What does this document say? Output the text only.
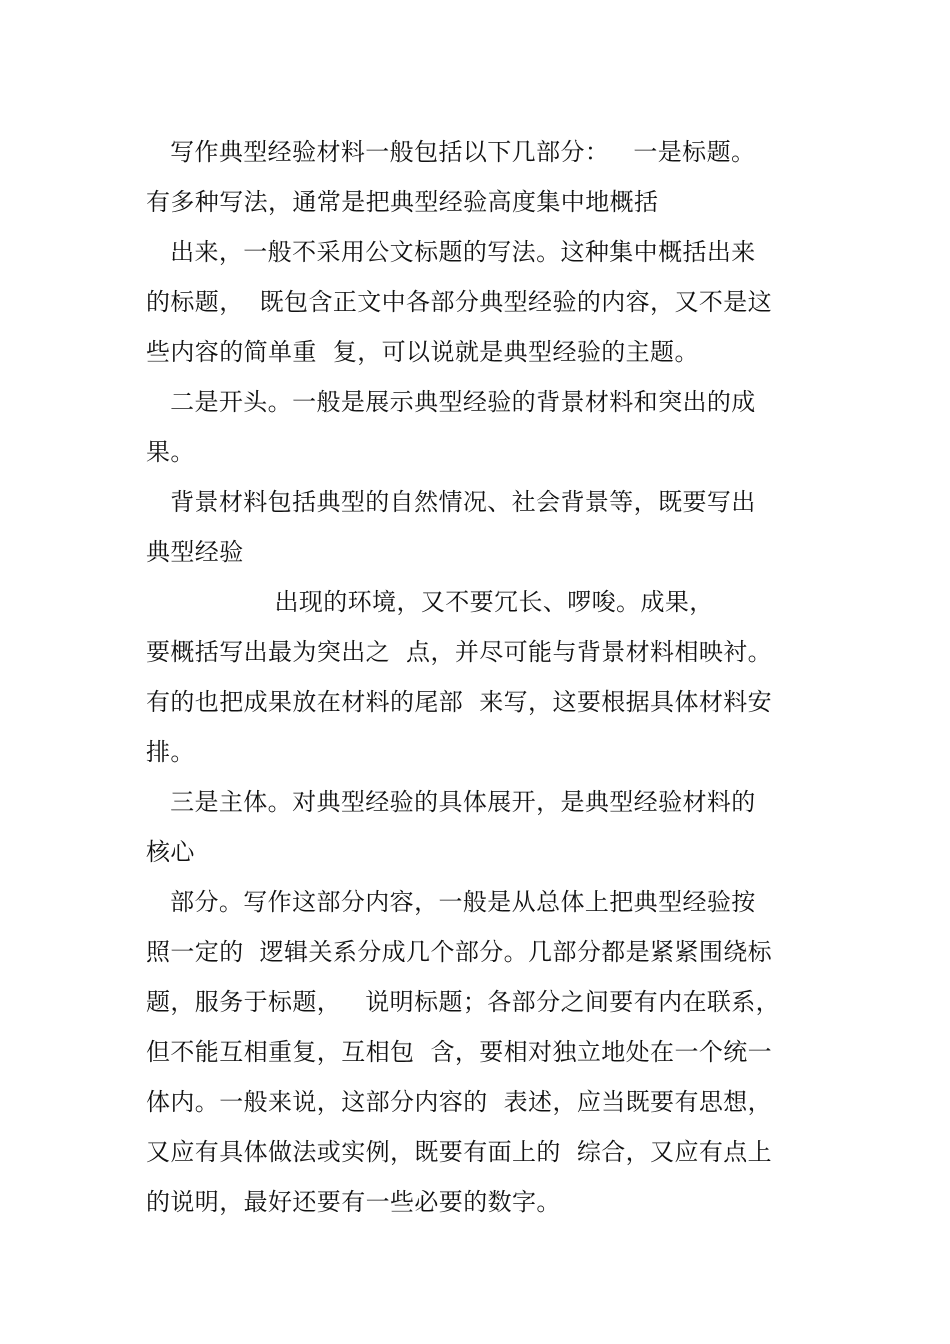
写作典型经验材料一般包括以下几部分：   一是标题。
有多种写法，通常是把典型经验高度集中地概括
出来，一般不采用公文标题的写法。这种集中概括出来
的标题，  既包含正文中各部分典型经验的内容，又不是这
些内容的简单重  复，可以说就是典型经验的主题。
二是开头。一般是展示典型经验的背景材料和突出的成
果。
背景材料包括典型的自然情况、社会背景等，既要写出
典型经验
出现的环境，又不要冗长、啰唆。成果，
要概括写出最为突出之  点，并尽可能与背景材料相映衬。
有的也把成果放在材料的尾部  来写，这要根据具体材料安
排。
三是主体。对典型经验的具体展开，是典型经验材料的
核心
部分。写作这部分内容，一般是从总体上把典型经验按
照一定的  逻辑关系分成几个部分。几部分都是紧紧围绕标
题，服务于标题，   说明标题；各部分之间要有内在联系，
但不能互相重复，互相包  含，要相对独立地处在一个统一
体内。一般来说，这部分内容的  表述，应当既要有思想，
又应有具体做法或实例，既要有面上的  综合，又应有点上
的说明，最好还要有一些必要的数字。
